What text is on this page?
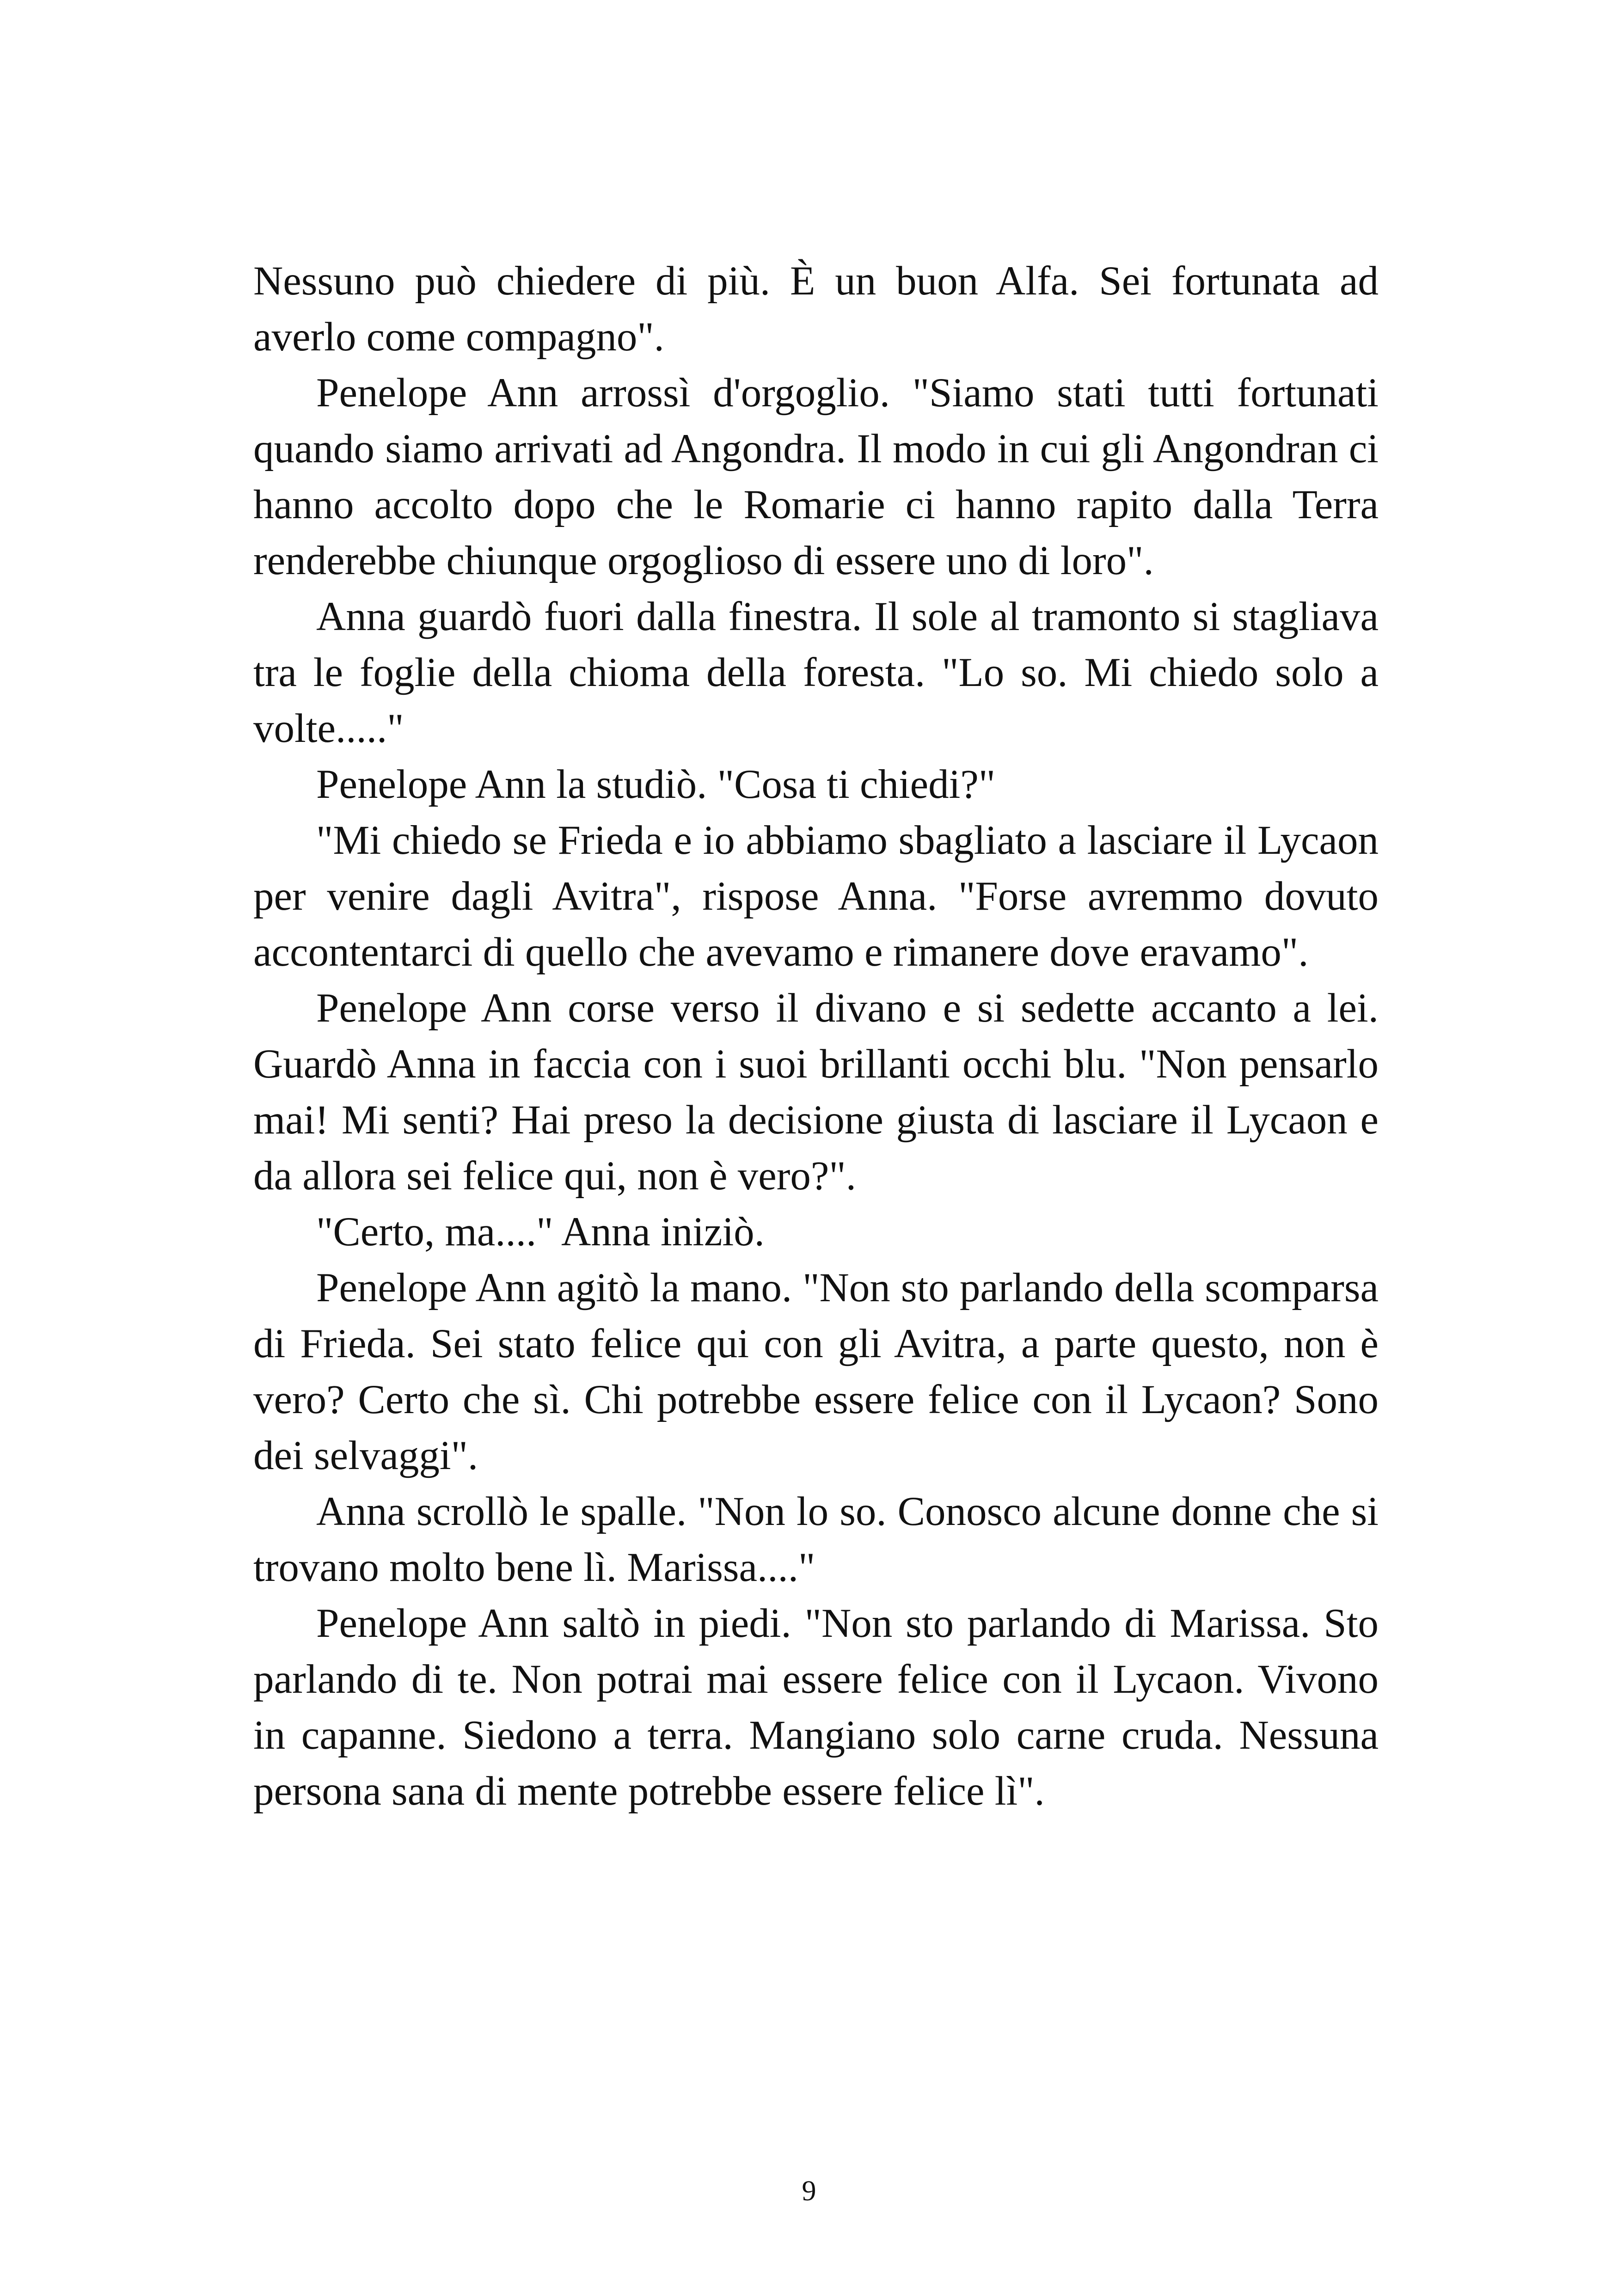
Nessuno può chiedere di più. È un buon Alfa. Sei fortunata ad averlo come compagno".

Penelope Ann arrossì d'orgoglio. "Siamo stati tutti fortunati quando siamo arrivati ad Angondra. Il modo in cui gli Angondran ci hanno accolto dopo che le Romarie ci hanno rapito dalla Terra renderebbe chiunque orgoglioso di essere uno di loro".

Anna guardò fuori dalla finestra. Il sole al tramonto si stagliava tra le foglie della chioma della foresta. "Lo so. Mi chiedo solo a volte....."

Penelope Ann la studiò. "Cosa ti chiedi?"

"Mi chiedo se Frieda e io abbiamo sbagliato a lasciare il Lycaon per venire dagli Avitra", rispose Anna. "Forse avremmo dovuto accontentarci di quello che avevamo e rimanere dove eravamo".

Penelope Ann corse verso il divano e si sedette accanto a lei. Guardò Anna in faccia con i suoi brillanti occhi blu. "Non pensarlo mai! Mi senti? Hai preso la decisione giusta di lasciare il Lycaon e da allora sei felice qui, non è vero?".

"Certo, ma...." Anna iniziò.

Penelope Ann agitò la mano. "Non sto parlando della scomparsa di Frieda. Sei stato felice qui con gli Avitra, a parte questo, non è vero? Certo che sì. Chi potrebbe essere felice con il Lycaon? Sono dei selvaggi".

Anna scrollò le spalle. "Non lo so. Conosco alcune donne che si trovano molto bene lì. Marissa...."

Penelope Ann saltò in piedi. "Non sto parlando di Marissa. Sto parlando di te. Non potrai mai essere felice con il Lycaon. Vivono in capanne. Siedono a terra. Mangiano solo carne cruda. Nessuna persona sana di mente potrebbe essere felice lì".

9
